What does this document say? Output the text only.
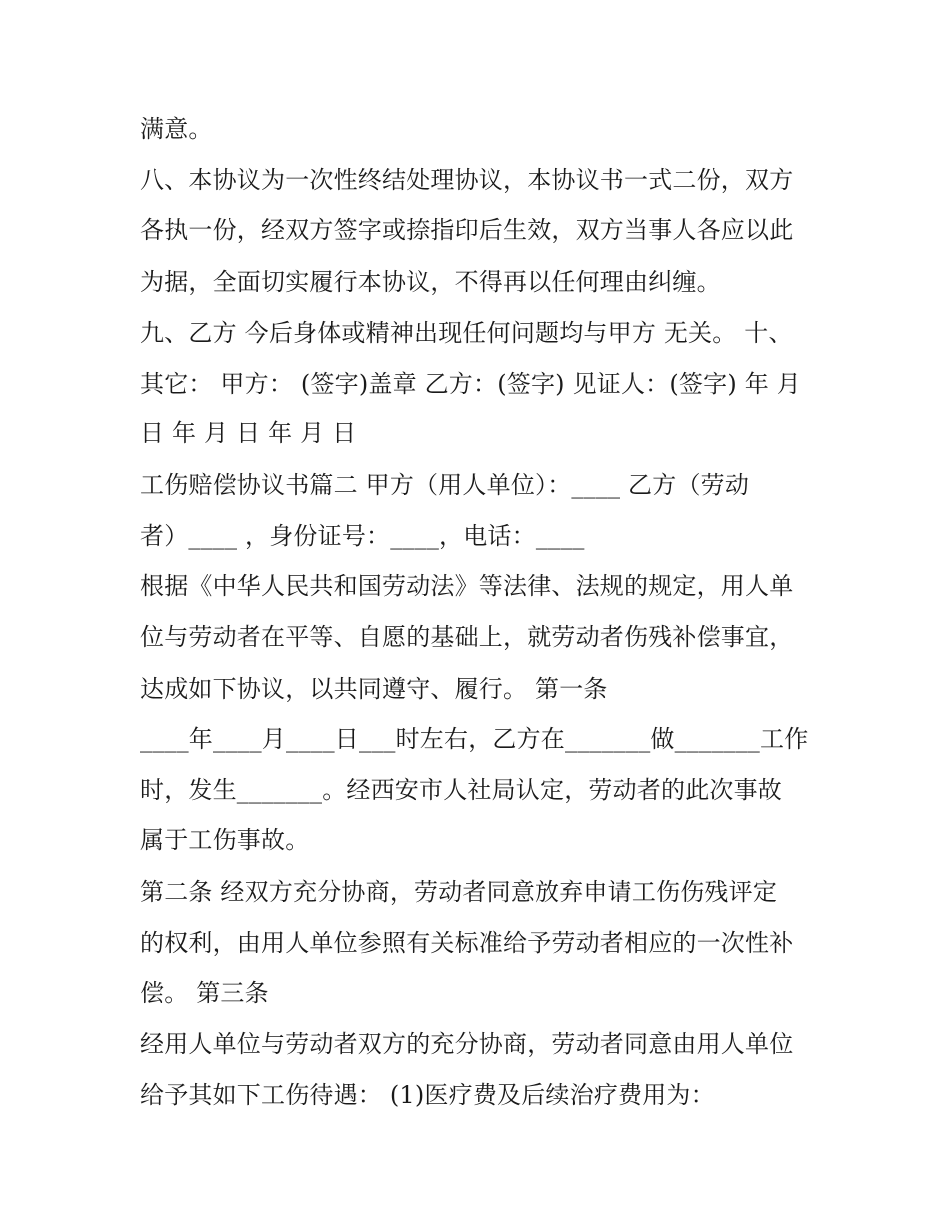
满意。
八、本协议为一次性终结处理协议，本协议书一式二份，双方
各执一份，经双方签字或捺指印后生效，双方当事人各应以此
为据，全面切实履行本协议，不得再以任何理由纠缠。
九、乙方 今后身体或精神出现任何问题均与甲方 无关。 十、
其它： 甲方： (签字)盖章 乙方：(签字) 见证人：(签字) 年 月
日 年 月 日 年 月 日
工伤赔偿协议书篇二 甲方（用人单位）：____ 乙方（劳动
者）____ ，身份证号：____，电话：____
根据《中华人民共和国劳动法》等法律、法规的规定，用人单
位与劳动者在平等、自愿的基础上，就劳动者伤残补偿事宜，
达成如下协议，以共同遵守、履行。 第一条
____年____月____日___时左右，乙方在_______做_______工作
时，发生_______。经西安市人社局认定，劳动者的此次事故
属于工伤事故。
第二条 经双方充分协商，劳动者同意放弃申请工伤伤残评定
的权利，由用人单位参照有关标准给予劳动者相应的一次性补
偿。 第三条
经用人单位与劳动者双方的充分协商，劳动者同意由用人单位
给予其如下工伤待遇： (1)医疗费及后续治疗费用为：
